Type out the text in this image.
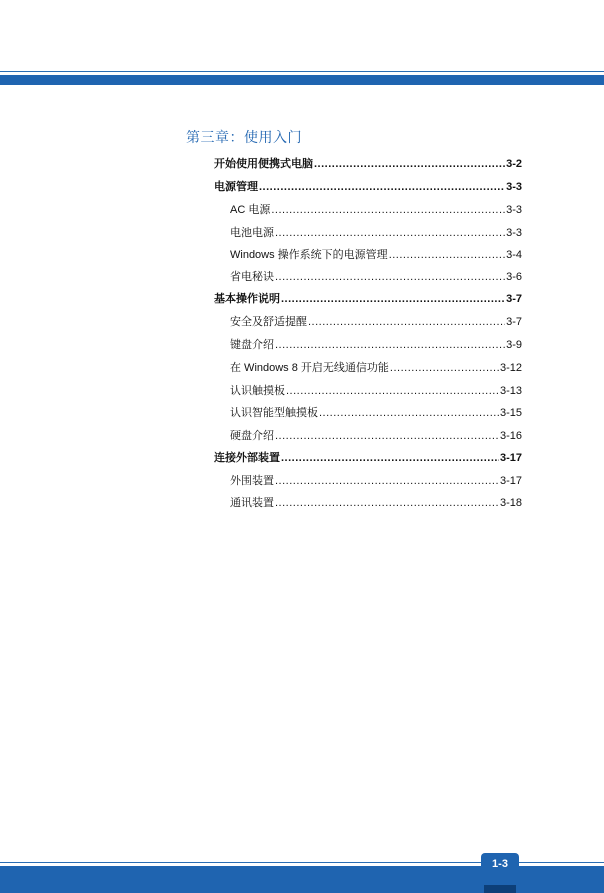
第三章：使用入门
开始使用便携式电脑 .....	3-2
电源管理 .....	3-3
AC 电源 .....	3-3
电池电源 .....	3-3
Windows 操作系统下的电源管理 .....	3-4
省电秘诀 .....	3-6
基本操作说明 .....	3-7
安全及舒适提醒 .....	3-7
键盘介绍 .....	3-9
在 Windows 8 开启无线通信功能 .....	3-12
认识触摸板 .....	3-13
认识智能型触摸板 .....	3-15
硬盘介绍 .....	3-16
连接外部装置 .....	3-17
外围装置 .....	3-17
通讯装置 .....	3-18
1-3
